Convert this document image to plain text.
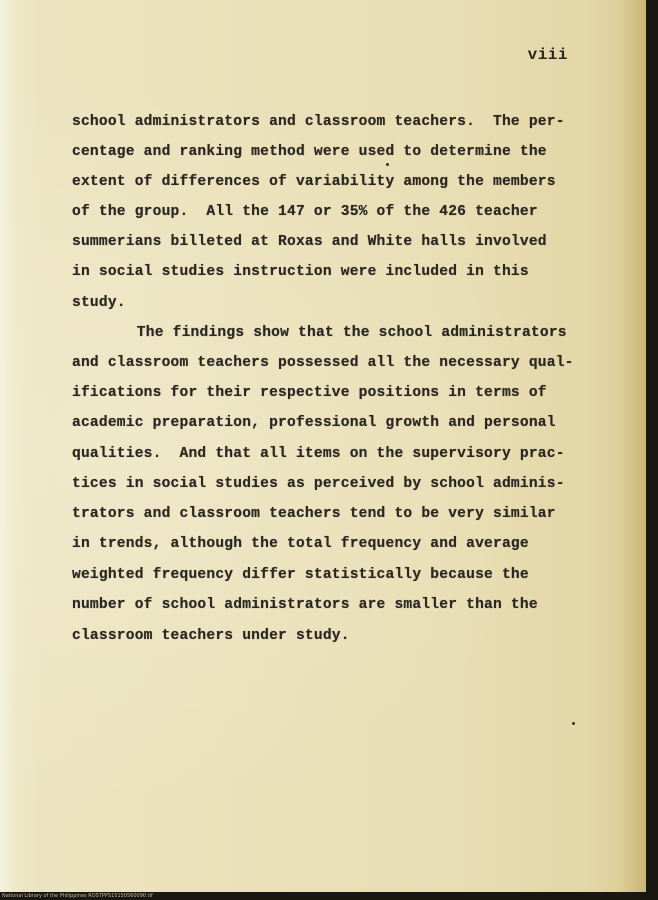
viii

school administrators and classroom teachers.  The per-

centage and ranking method were used to determine the

extent of differences of variability among the members

of the group.  All the 147 or 35% of the 426 teacher

summerians billeted at Roxas and White halls involved

in social studies instruction were included in this

study.

The findings show that the school administrators

and classroom teachers possessed all the necessary qual-

ifications for their respective positions in terms of

academic preparation, professional growth and personal

qualities.  And that all items on the supervisory prac-

tices in social studies as perceived by school adminis-

trators and classroom teachers tend to be very similar

in trends, although the total frequency and average

weighted frequency differ statistically because the

number of school administrators are smaller than the

classroom teachers under study.

National Library of the Philippines ROSTPPS15150560090.tif
